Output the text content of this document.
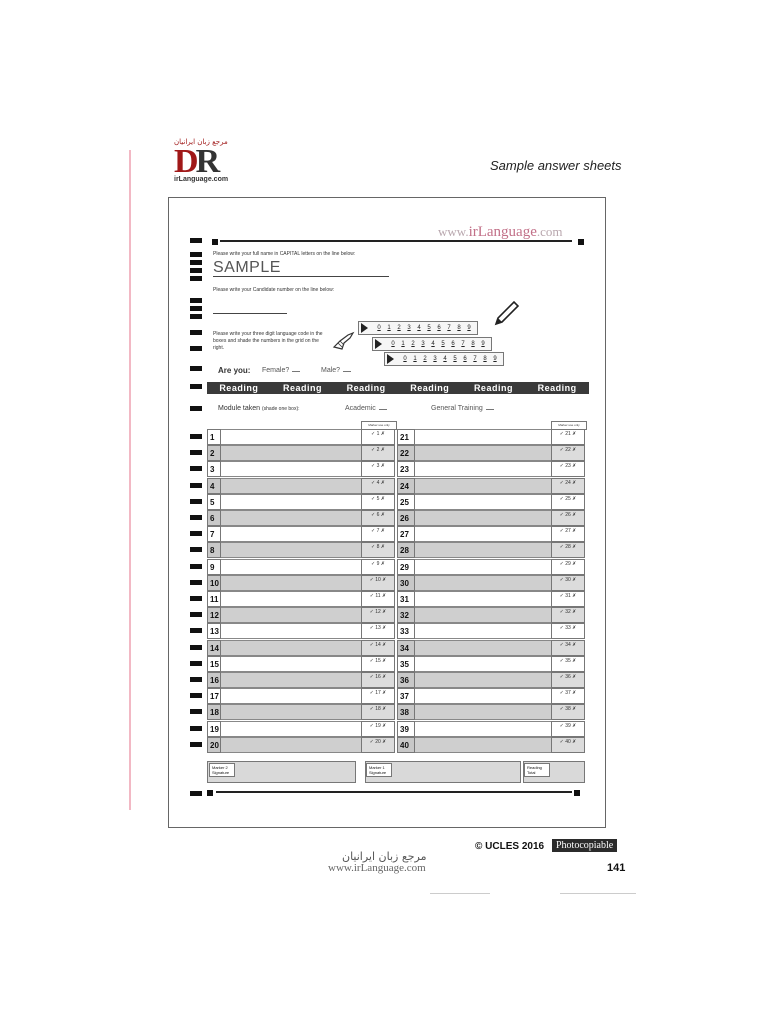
مرجع زبان ایرانیان
DR
irLanguage.com
Sample answer sheets
www.irLanguage.com
Please write your full name in CAPITAL letters on the line below:
SAMPLE
Please write your Candidate number on the line below:
Please write your three digit language code in the boxes and shade the numbers in the grid on the right.
0	1	2	3	4	5	6	7	8	9
0	1	2	3	4	5	6	7	8	9
0	1	2	3	4	5	6	7	8	9
Are you: Female?	Male?
Reading	Reading	Reading	Reading	Reading	Reading
Module taken (shade one box):	Academic	General Training
Marker use only	Marker use only
1	✓ 1 ✗	21	✓ 21 ✗
2	✓ 2 ✗	22	✓ 22 ✗
3	✓ 3 ✗	23	✓ 23 ✗
4	✓ 4 ✗	24	✓ 24 ✗
5	✓ 5 ✗	25	✓ 25 ✗
6	✓ 6 ✗	26	✓ 26 ✗
7	✓ 7 ✗	27	✓ 27 ✗
8	✓ 8 ✗	28	✓ 28 ✗
9	✓ 9 ✗	29	✓ 29 ✗
10	✓ 10 ✗	30	✓ 30 ✗
11	✓ 11 ✗	31	✓ 31 ✗
12	✓ 12 ✗	32	✓ 32 ✗
13	✓ 13 ✗	33	✓ 33 ✗
14	✓ 14 ✗	34	✓ 34 ✗
15	✓ 15 ✗	35	✓ 35 ✗
16	✓ 16 ✗	36	✓ 36 ✗
17	✓ 17 ✗	37	✓ 37 ✗
18	✓ 18 ✗	38	✓ 38 ✗
19	✓ 19 ✗	39	✓ 39 ✗
20	✓ 20 ✗	40	✓ 40 ✗
Marker 2 Signature
Marker 1 Signature
Reading Total
© UCLES 2016	Photocopiable
141
مرجع زبان ایرانیان
www.irLanguage.com
